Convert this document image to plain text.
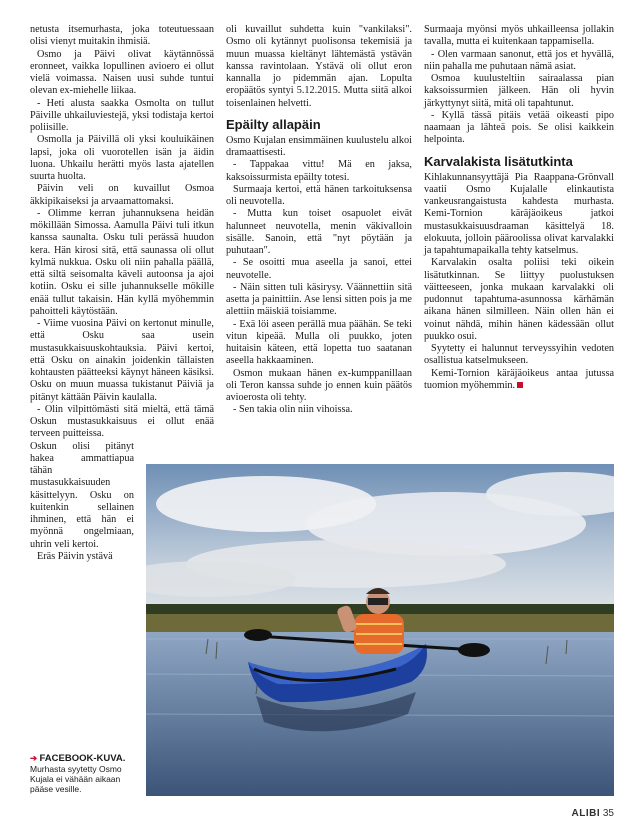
netusta itsemurhasta, joka toteutuessaan olisi vienyt muitakin ihmisiä.

Osmo ja Päivi olivat käytännössä eronneet, vaikka lopullinen avioero ei ollut vielä voimassa. Naisen uusi suhde tuntui olevan ex-miehelle liikaa.

- Heti alusta saakka Osmolta on tullut Päiville uhkailuviestejä, yksi todistaja kertoi poliisille.

Osmolla ja Päivillä oli yksi kouluikäinen lapsi, joka oli vuorotellen isän ja äidin luona. Uhkailu herätti myös lasta ajatellen suurta huolta.

Päivin veli on kuvaillut Osmoa äkkipikaiseksi ja arvaamattomaksi.

- Olimme kerran juhannuksena heidän mökillään Simossa. Aamulla Päivi tuli itkun kanssa saunalta. Osku tuli perässä huudon kera. Hän kirosi sitä, että saunassa oli ollut kylmä nukkua. Osku oli niin pahalla päällä, että siltä seisomalta käveli autoonsa ja ajoi kotiin. Osku ei sille juhannukselle mökille enää tullut takaisin. Hän kyllä myöhemmin pahoitteli käytöstään.

- Viime vuosina Päivi on kertonut minulle, että Osku saa usein mustasukkaisuuskohtauksia. Päivi kertoi, että Osku on ainakin joidenkin tällaisten kohtausten päätteeksi käynyt häneen käsiksi. Osku on muun muassa tukistanut Päiviä ja pitänyt kättään Päivin kaulalla.

- Olin vilpittömästi sitä mieltä, että tämä Oskun mustasukkaisuus ei ollut enää terveen puitteissa.

Oskun olisi pitänyt hakea ammattiapua tähän mustasukkaisuuden käsittelyyn. Osku on kuitenkin sellainen ihminen, että hän ei myönnä ongelmiaan, uhrin veli kertoi.

Eräs Päivin ystävä

oli kuvaillut suhdetta kuin "vankilaksi". Osmo oli kytännyt puolisonsa tekemisiä ja muun muassa kieltänyt lähtemästä ystävän kanssa ravintolaan. Ystävä oli ollut eron kannalla jo pidemmän ajan. Lopulta eropäätös syntyi 5.12.2015. Mutta siitä alkoi toisenlainen helvetti.

Epäilty allapäin

Osmo Kujalan ensimmäinen kuulustelu alkoi dramaattisesti.

- Tappakaa vittu! Mä en jaksa, kaksoissurmista epäilty totesi.

Surmaaja kertoi, että hänen tarkoituksensa oli neuvotella.

- Mutta kun toiset osapuolet eivät halunneet neuvotella, menin väkivalloin sisälle. Sanoin, että "nyt pöytään ja puhutaan".

- Se osoitti mua aseella ja sanoi, ettei neuvotelle.

- Näin sitten tuli käsirysy. Väännettiin sitä asetta ja painittiin. Ase lensi sitten pois ja me alettiin mäiskiä toisiamme.

- Exä löi aseen perällä mua päähän. Se teki vitun kipeää. Mulla oli puukko, joten huitaisin käteen, että lopetta tuo saatanan aseella hakkaaminen.

Osmon mukaan hänen ex-kumppanillaan oli Teron kanssa suhde jo ennen kuin päätös avioerosta oli tehty.

- Sen takia olin niin vihoissa.

Surmaaja myönsi myös uhkailleensa jollakin tavalla, mutta ei kuitenkaan tappamisella.

- Olen varmaan sanonut, että jos et hyvällä, niin pahalla me puhutaan nämä asiat.

Osmoa kuulusteltiin sairaalassa pian kaksoissurmien jälkeen. Hän oli hyvin järkyttynyt siitä, mitä oli tapahtunut.

- Kyllä tässä pitäis vetää oikeasti pipo naamaan ja lähteä pois. Se olisi kaikkein helpointa.

Karvalakista lisätutkinta

Kihlakunnansyyttäjä Pia Raappana-Grönvall vaatii Osmo Kujalalle elinkautista vankeusrangaistusta kahdesta murhasta. Kemi-Tornion käräjäoikeus jatkoi mustasukkaisuusdraaman käsittelyä 18. elokuuta, jolloin pääroolissa olivat karvalakki ja tapahtumapaikalla tehty katselmus.

Karvalakin osalta poliisi teki oikein lisätutkinnan. Se liittyy puolustuksen väitteeseen, jonka mukaan karvalakki oli pudonnut tapahtuma-asunnossa kärhämän aikana hänen silmilleen. Näin ollen hän ei voinut nähdä, mihin hänen kädessään ollut puukko osui.

Syytetty ei halunnut terveyssyihin vedoten osallistua katselmukseen.

Kemi-Tornion käräjäoikeus antaa jutussa tuomion myöhemmin.

➔ FACEBOOK-KUVA.
Murhasta syytetty Osmo Kujala ei vähään aikaan pääse vesille.
ALIBI 35
